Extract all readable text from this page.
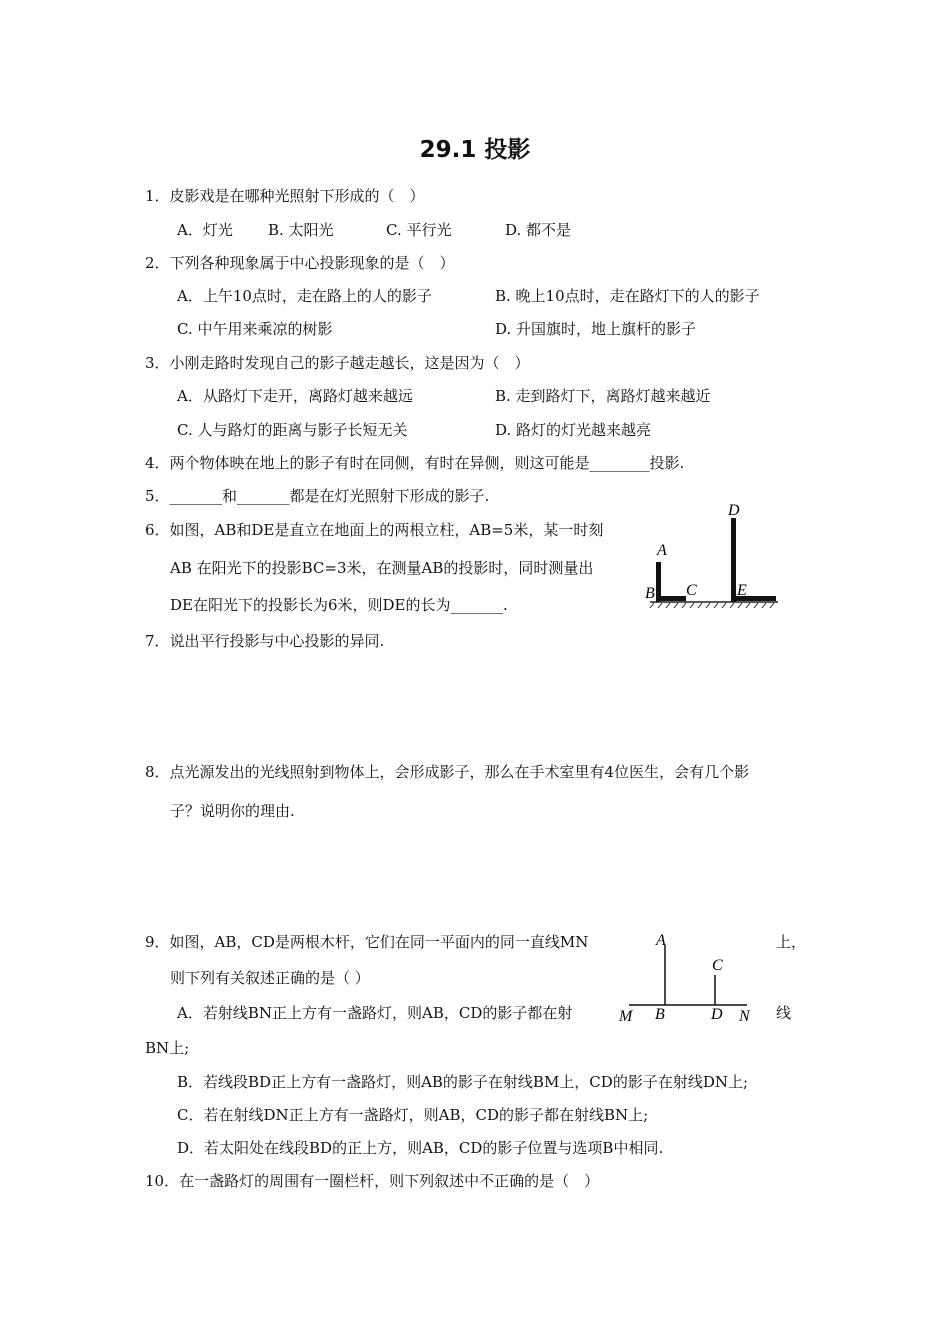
29.1 投影
1．皮影戏是在哪种光照射下形成的（　）
A．灯光 B. 太阳光	C. 平行光	D. 都不是
2．下列各种现象属于中心投影现象的是（　）
A．上午10点时，走在路上的人的影子	B. 晚上10点时，走在路灯下的人的影子
C. 中午用来乘凉的树影	D. 升国旗时，地上旗杆的影子
3．小刚走路时发现自己的影子越走越长，这是因为（　）
A．从路灯下走开，离路灯越来越远	B. 走到路灯下，离路灯越来越近
C. 人与路灯的距离与影子长短无关	D. 路灯的灯光越来越亮
4．两个物体映在地上的影子有时在同侧，有时在异侧，则这可能是________投影.
5．_______和_______都是在灯光照射下形成的影子.
6．如图，AB和DE是直立在地面上的两根立柱，AB=5米，某一时刻
AB 在阳光下的投影BC=3米，在测量AB的投影时，同时测量出
DE在阳光下的投影长为6米，则DE的长为_______.
A
B C
D
E
7．说出平行投影与中心投影的异同.
8．点光源发出的光线照射到物体上，会形成影子，那么在手术室里有4位医生，会有几个影
子？说明你的理由.
9．如图，AB，CD是两根木杆，它们在同一平面内的同一直线MN	上，
则下列有关叙述正确的是（ ）
A．若射线BN正上方有一盏路灯，则AB，CD的影子都在射	线
BN上;
B．若线段BD正上方有一盏路灯，则AB的影子在射线BM上，CD的影子在射线DN上;
C．若在射线DN正上方有一盏路灯，则AB，CD的影子都在射线BN上;
D．若太阳处在线段BD的正上方，则AB，CD的影子位置与选项B中相同.
A
C
M B	D N
10．在一盏路灯的周围有一圈栏杆，则下列叙述中不正确的是（　）
